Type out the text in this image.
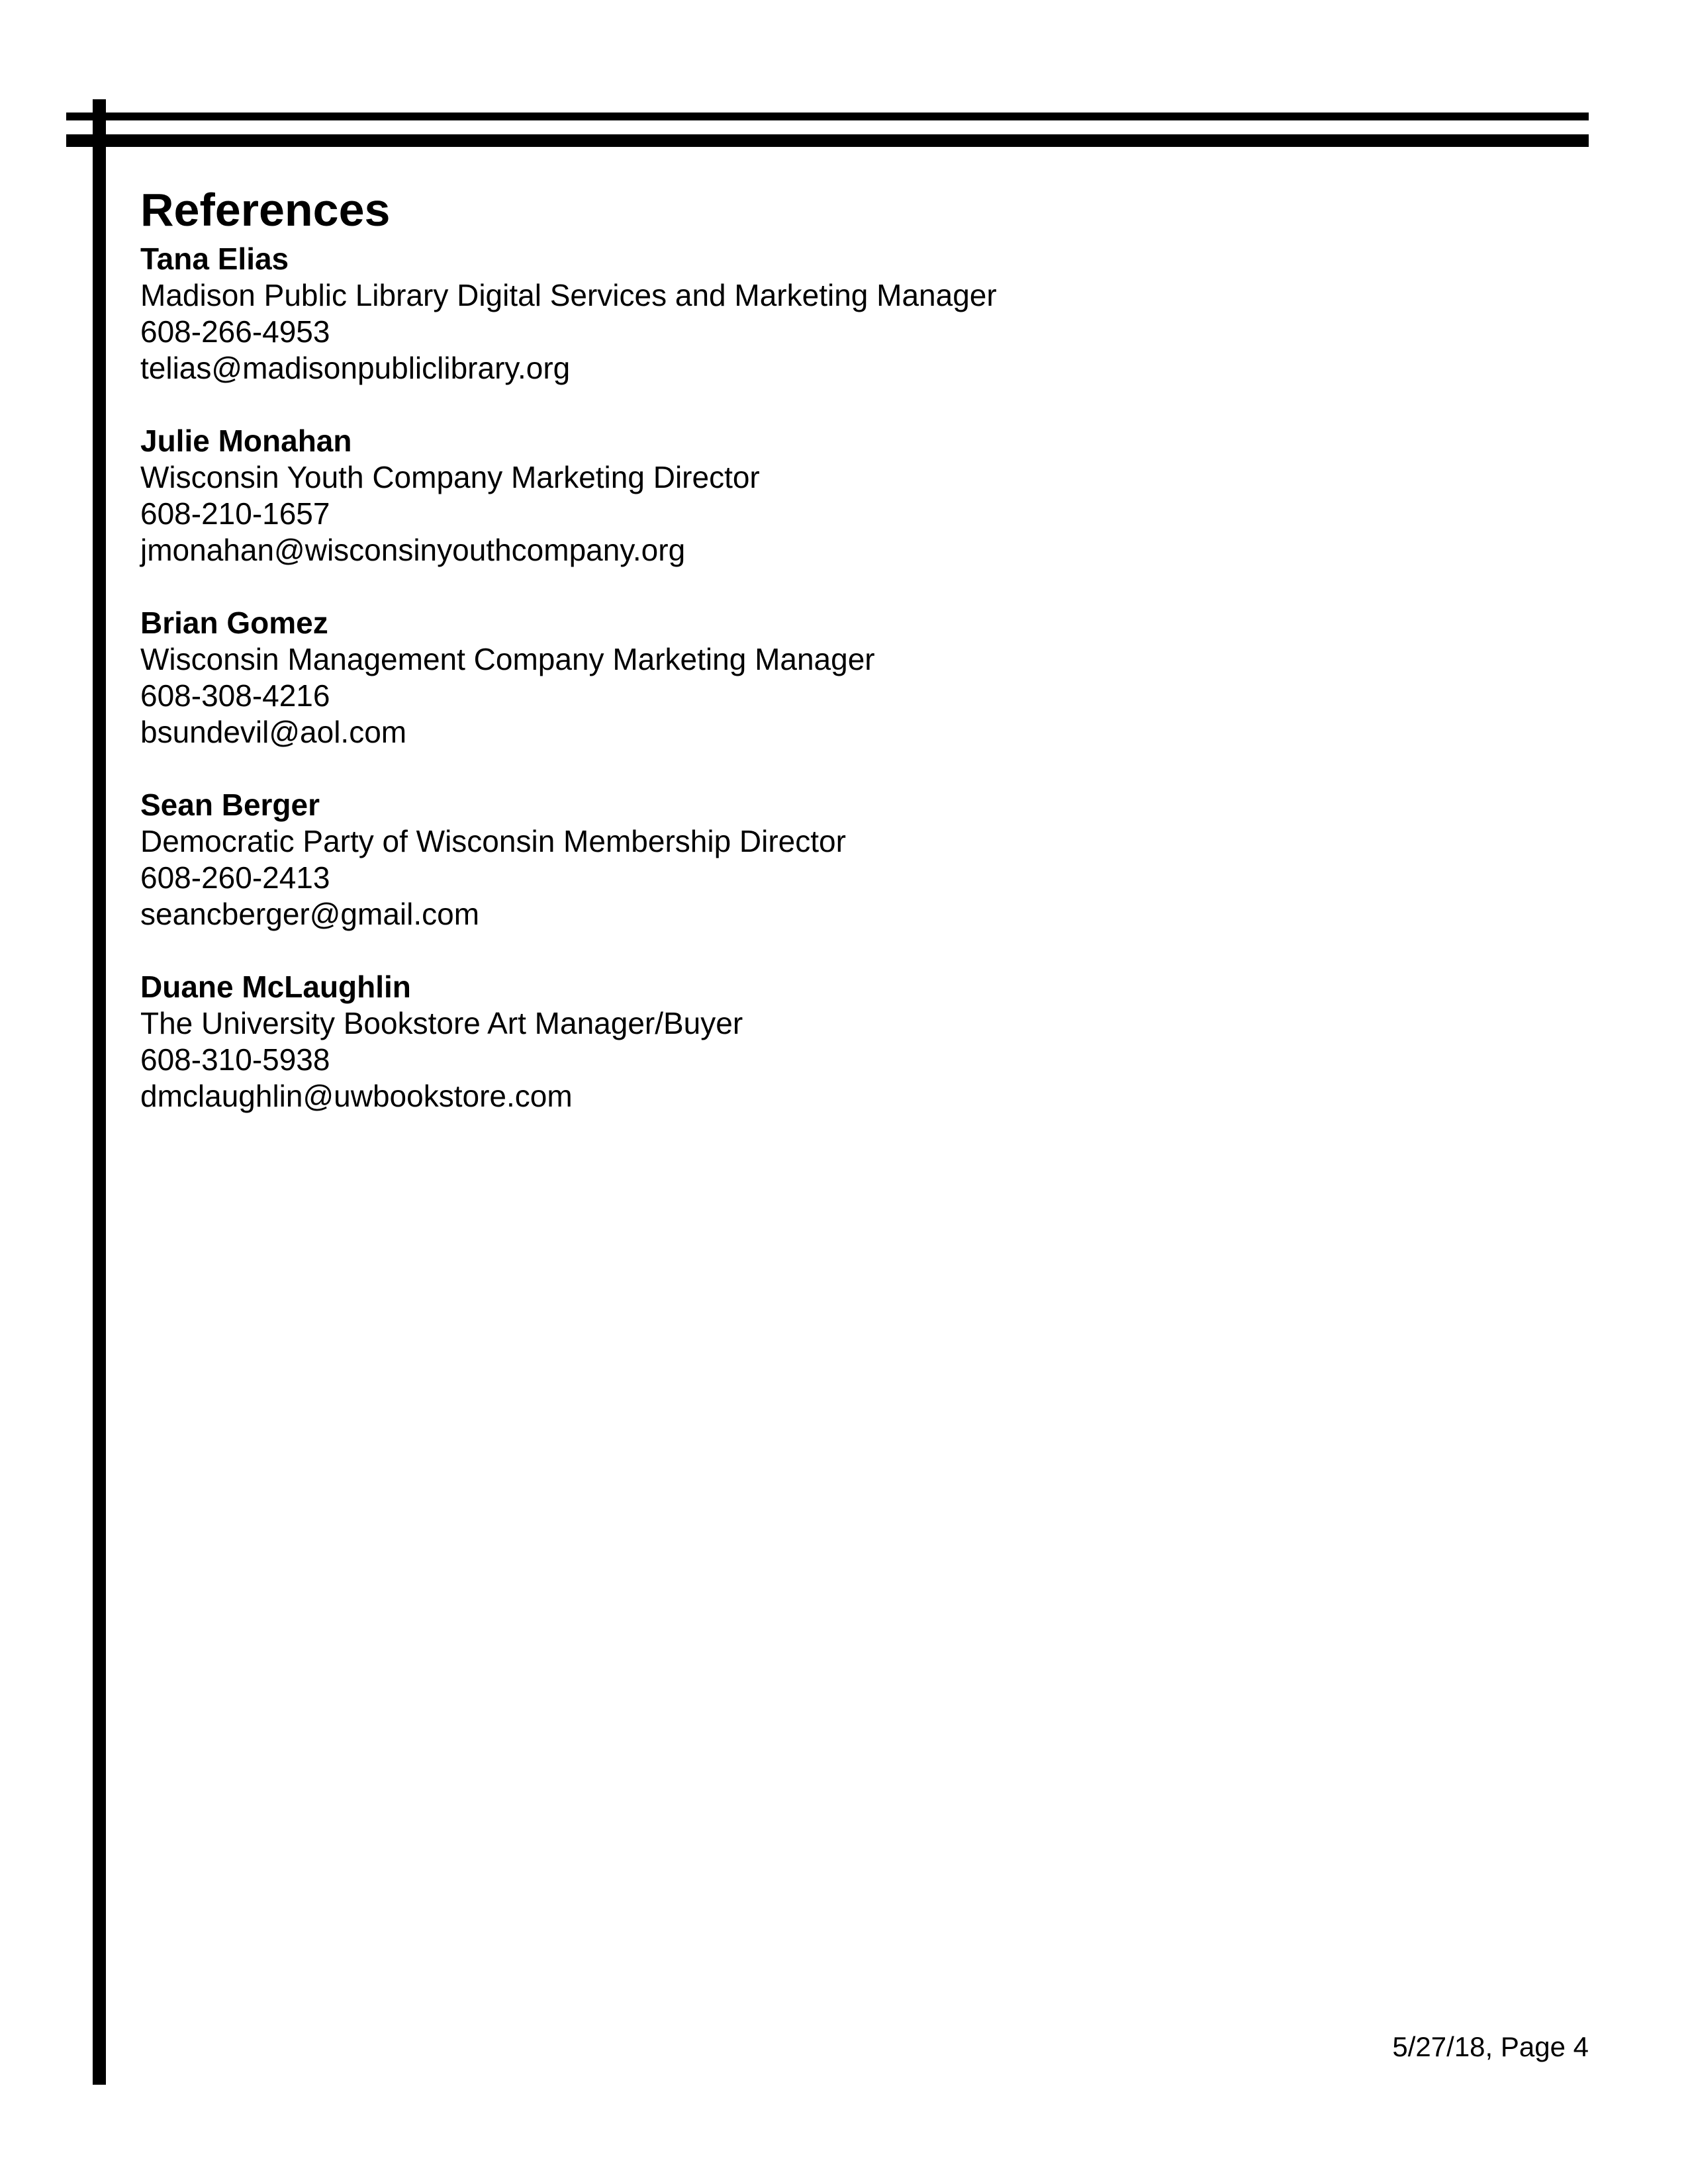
References
Tana Elias
Madison Public Library Digital Services and Marketing Manager
608-266-4953
telias@madisonpubliclibrary.org
Julie Monahan
Wisconsin Youth Company Marketing Director
608-210-1657
jmonahan@wisconsinyouthcompany.org
Brian Gomez
Wisconsin Management Company Marketing Manager
608-308-4216
bsundevil@aol.com
Sean Berger
Democratic Party of Wisconsin Membership Director
608-260-2413
seancberger@gmail.com
Duane McLaughlin
The University Bookstore Art Manager/Buyer
608-310-5938
dmclaughlin@uwbookstore.com
5/27/18, Page 4
